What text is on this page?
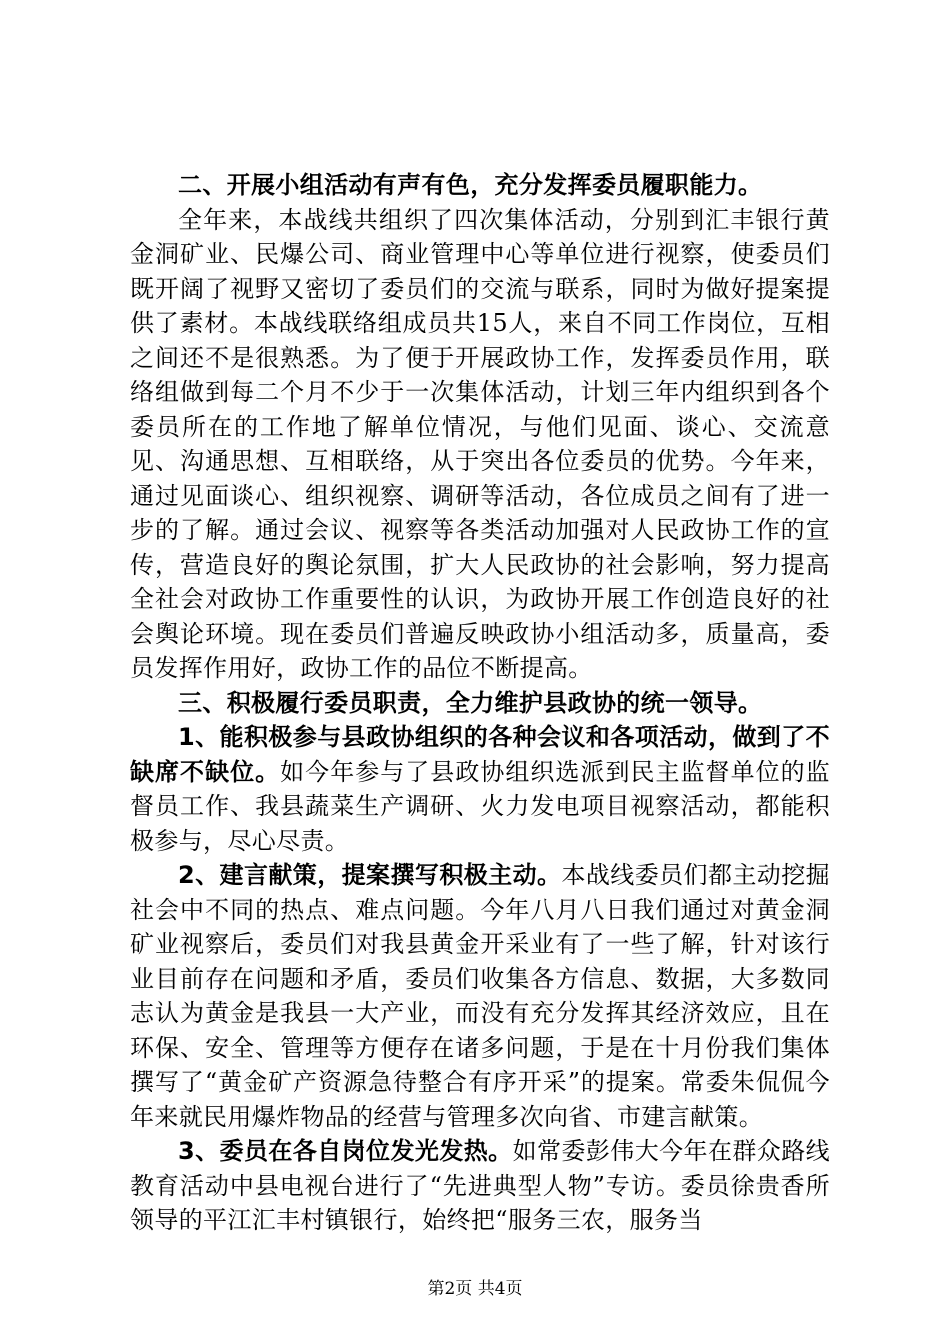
二、开展小组活动有声有色，充分发挥委员履职能力。

全年来，本战线共组织了四次集体活动，分别到汇丰银行黄金洞矿业、民爆公司、商业管理中心等单位进行视察，使委员们既开阔了视野又密切了委员们的交流与联系，同时为做好提案提供了素材。本战线联络组成员共15人，来自不同工作岗位，互相之间还不是很熟悉。为了便于开展政协工作，发挥委员作用，联络组做到每二个月不少于一次集体活动，计划三年内组织到各个委员所在的工作地了解单位情况，与他们见面、谈心、交流意见、沟通思想、互相联络，从于突出各位委员的优势。今年来，通过见面谈心、组织视察、调研等活动，各位成员之间有了进一步的了解。通过会议、视察等各类活动加强对人民政协工作的宣传，营造良好的舆论氛围，扩大人民政协的社会影响，努力提高全社会对政协工作重要性的认识，为政协开展工作创造良好的社会舆论环境。现在委员们普遍反映政协小组活动多，质量高，委员发挥作用好，政协工作的品位不断提高。

三、积极履行委员职责，全力维护县政协的统一领导。

1、能积极参与县政协组织的各种会议和各项活动，做到了不缺席不缺位。如今年参与了县政协组织选派到民主监督单位的监督员工作、我县蔬菜生产调研、火力发电项目视察活动，都能积极参与，尽心尽责。

2、建言献策，提案撰写积极主动。本战线委员们都主动挖掘社会中不同的热点、难点问题。今年八月八日我们通过对黄金洞矿业视察后，委员们对我县黄金开采业有了一些了解，针对该行业目前存在问题和矛盾，委员们收集各方信息、数据，大多数同志认为黄金是我县一大产业，而没有充分发挥其经济效应，且在环保、安全、管理等方便存在诸多问题，于是在十月份我们集体撰写了“黄金矿产资源急待整合有序开采”的提案。常委朱侃侃今年来就民用爆炸物品的经营与管理多次向省、市建言献策。

3、委员在各自岗位发光发热。如常委彭伟大今年在群众路线教育活动中县电视台进行了“先进典型人物”专访。委员徐贵香所领导的平江汇丰村镇银行，始终把“服务三农，服务当

第2页 共4页
